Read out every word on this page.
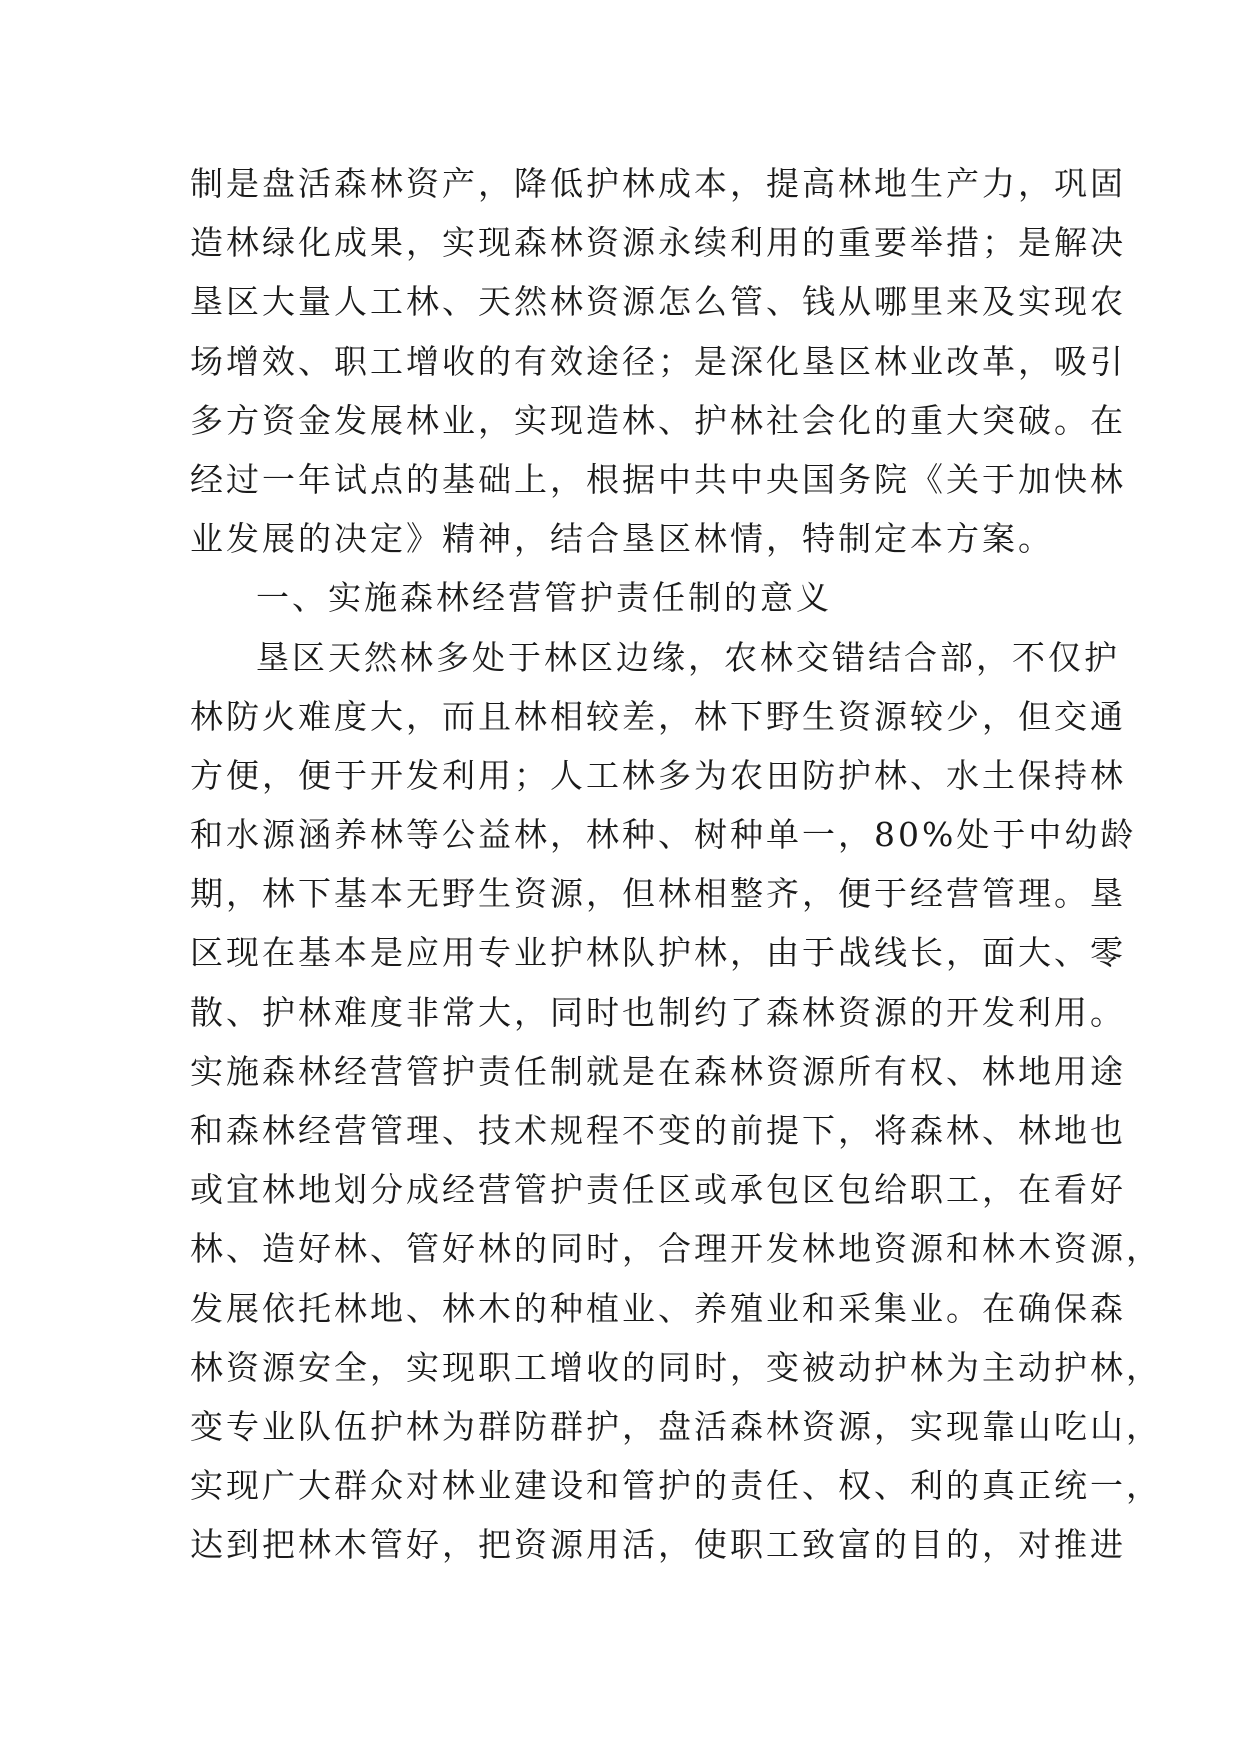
制是盘活森林资产，降低护林成本，提高林地生产力，巩固
造林绿化成果，实现森林资源永续利用的重要举措；是解决
垦区大量人工林、天然林资源怎么管、钱从哪里来及实现农
场增效、职工增收的有效途径；是深化垦区林业改革，吸引
多方资金发展林业，实现造林、护林社会化的重大突破。在
经过一年试点的基础上，根据中共中央国务院《关于加快林
业发展的决定》精神，结合垦区林情，特制定本方案。
一、实施森林经营管护责任制的意义
垦区天然林多处于林区边缘，农林交错结合部，不仅护
林防火难度大，而且林相较差，林下野生资源较少，但交通
方便，便于开发利用；人工林多为农田防护林、水土保持林
和水源涵养林等公益林，林种、树种单一，80%处于中幼龄
期，林下基本无野生资源，但林相整齐，便于经营管理。垦
区现在基本是应用专业护林队护林，由于战线长，面大、零
散、护林难度非常大，同时也制约了森林资源的开发利用。
实施森林经营管护责任制就是在森林资源所有权、林地用途
和森林经营管理、技术规程不变的前提下，将森林、林地也
或宜林地划分成经营管护责任区或承包区包给职工，在看好
林、造好林、管好林的同时，合理开发林地资源和林木资源，
发展依托林地、林木的种植业、养殖业和采集业。在确保森
林资源安全，实现职工增收的同时，变被动护林为主动护林，
变专业队伍护林为群防群护，盘活森林资源，实现靠山吃山，
实现广大群众对林业建设和管护的责任、权、利的真正统一，
达到把林木管好，把资源用活，使职工致富的目的，对推进
